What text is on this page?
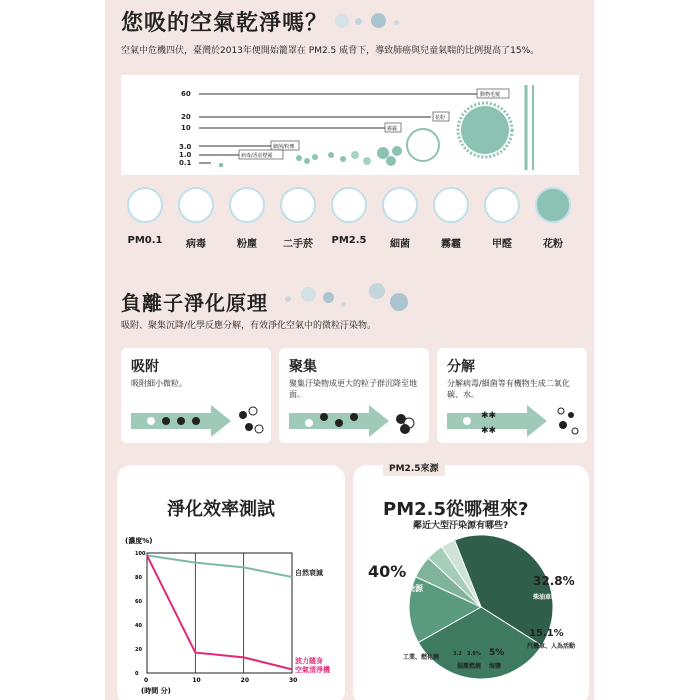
您吸的空氣乾淨嗎？
空氣中危機四伏，臺灣於2013年便開始籠罩在 PM2.5 威脅下，導致肺癌與兒童氣喘的比例提高了15%。
60
20
10
3.0
1.0
0.1
動物毛髮
花粉
霧霾
細菌/粉塵
病毒/香菸煙霧
PM0.1	病毒	粉塵	二手菸	PM2.5	細菌	霧霾	甲醛	花粉
負離子淨化原理
吸附、聚集沉降/化學反應分解，有效淨化空氣中的微粒汙染物。
吸附
吸附細小微粒。
聚集
聚集汙染物成更大的粒子群沉降至地面。
分解
分解病毒/細菌等有機物生成二氧化碳、水。
✱✱
✱✱
淨化效率測試
(濃度%)
(時間 分)
自然衰減
波力隨身
空氣清淨機
0	10	20	30
0
20
40
60
80
100
PM2.5來源
PM2.5從哪裡來?
鄰近大型汙染源有哪些?
40%
鄰近大型汙染源
32.8%
柴油車輛尾氣
15.1%
汽機車、人為活動
5%
海鹽
3.9%
揚塵燃燒
3.2
工業、燃化燒
